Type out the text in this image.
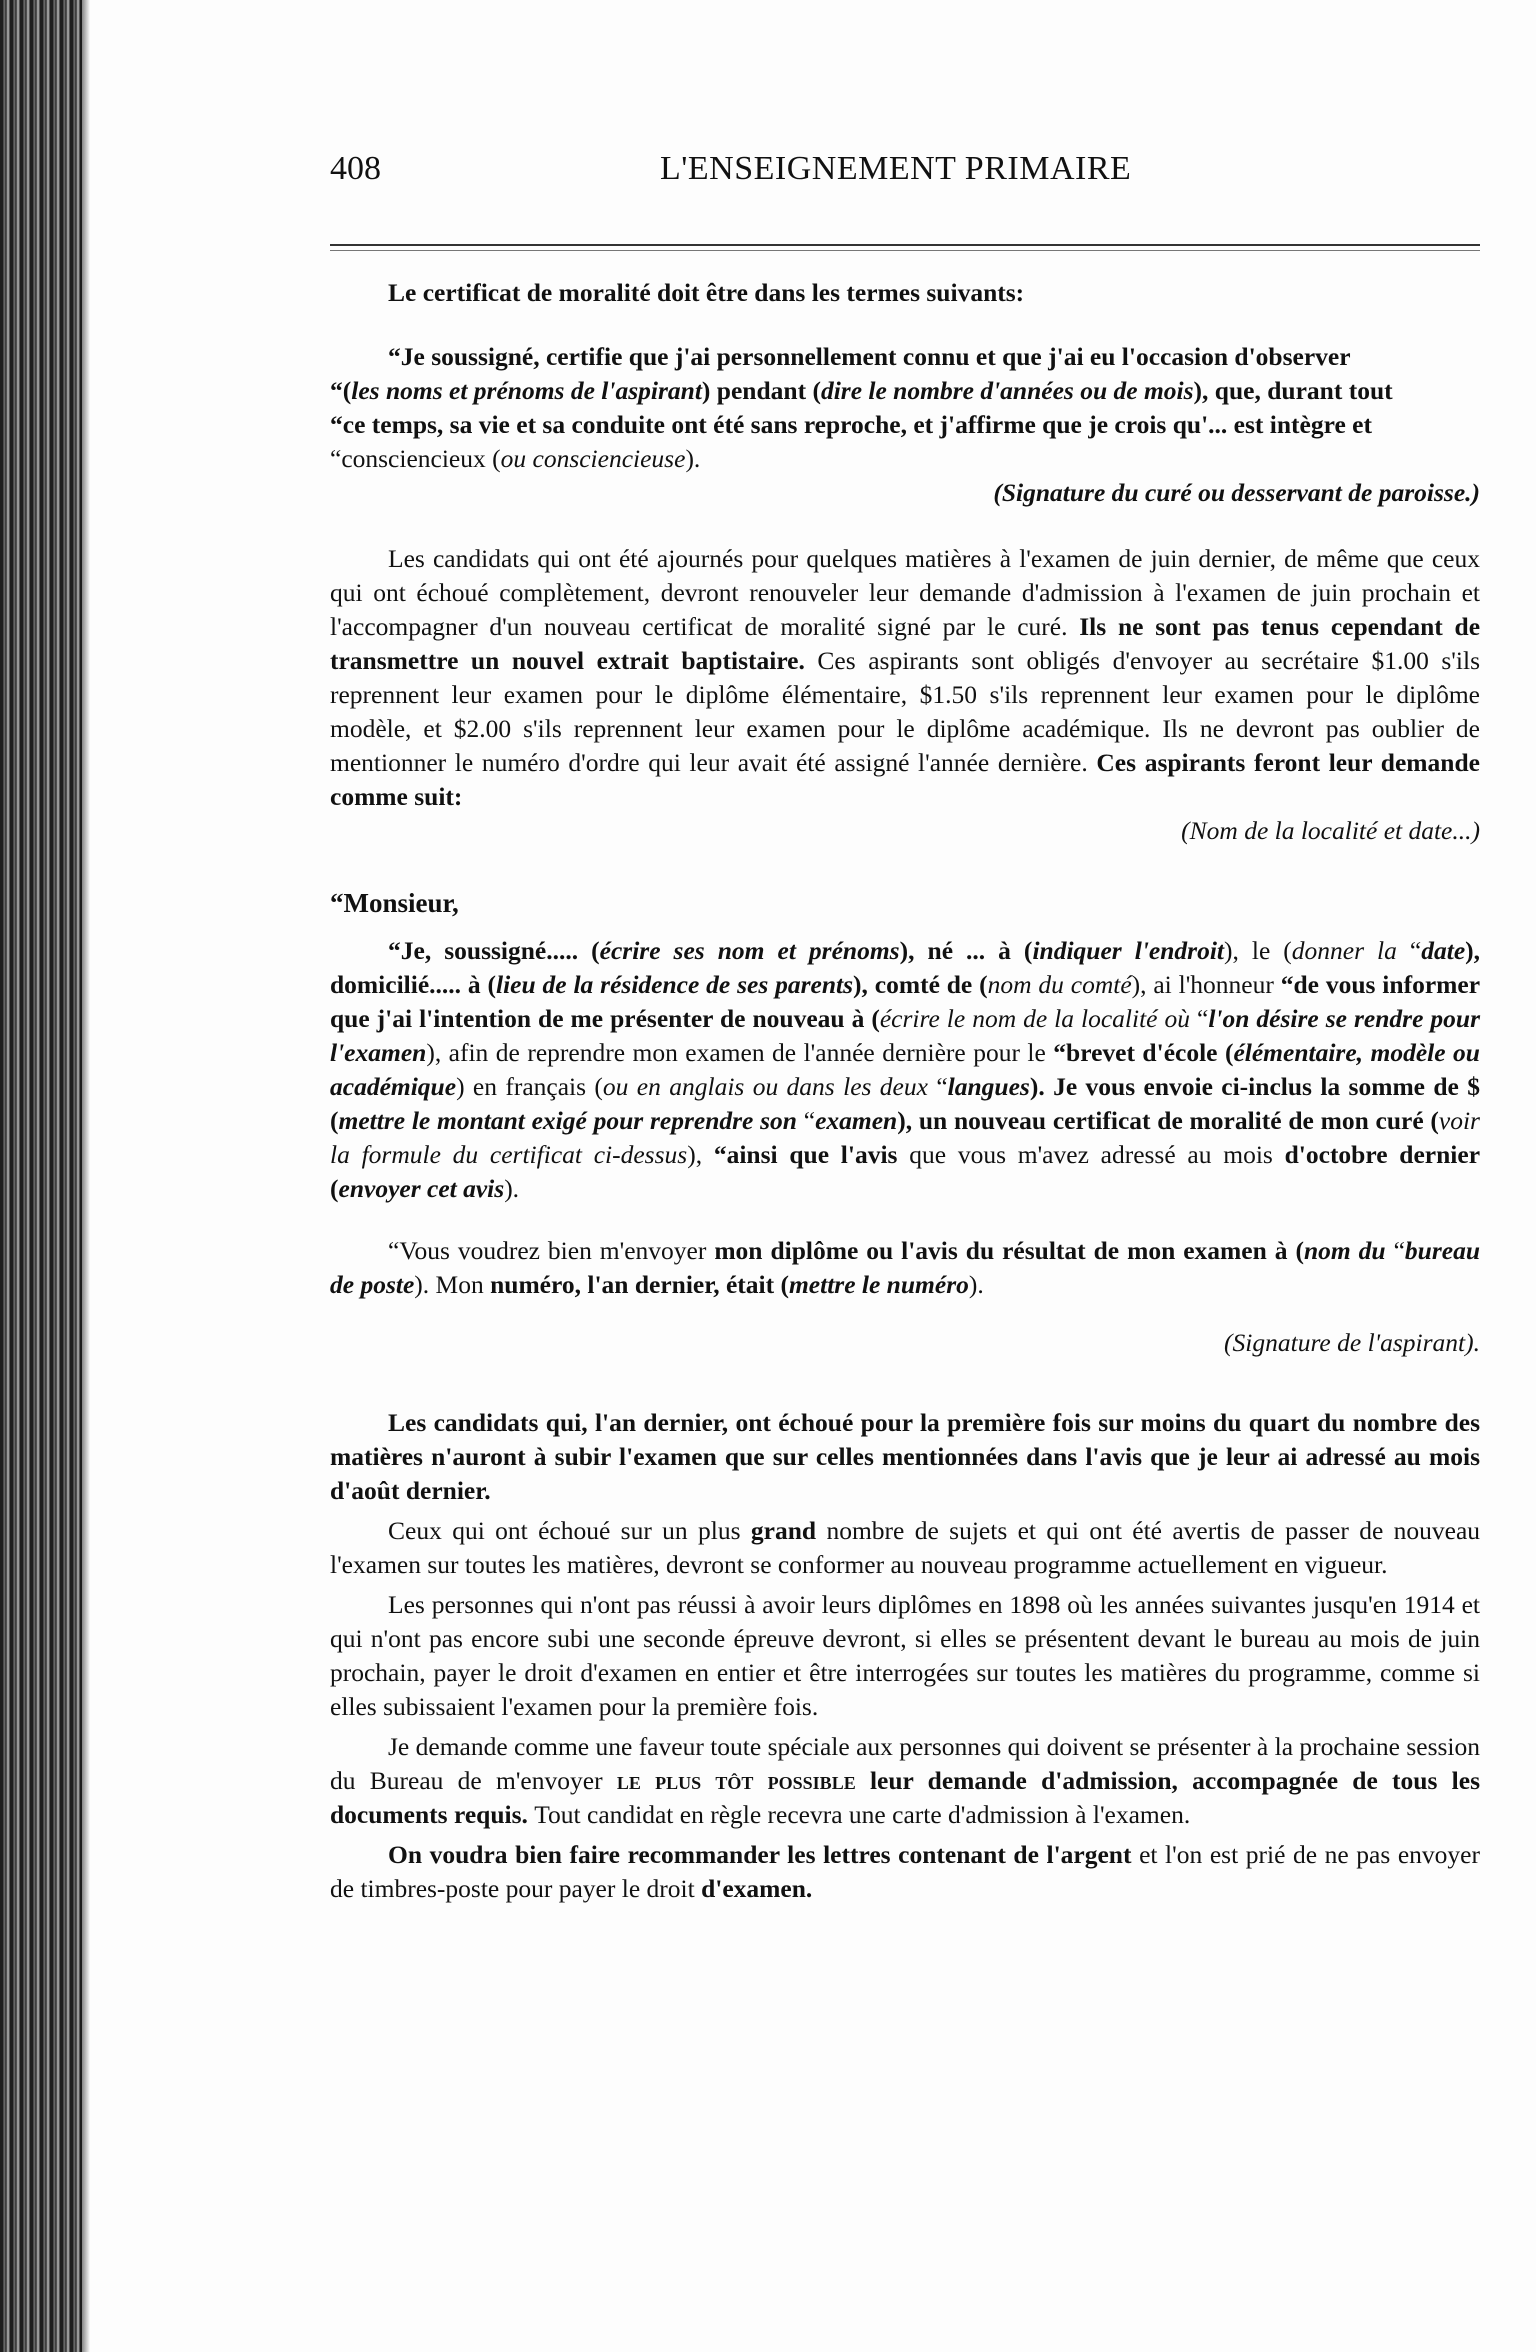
408	L'ENSEIGNEMENT PRIMAIRE

Le certificat de moralité doit être dans les termes suivants:

“Je soussigné, certifie que j'ai personnellement connu et que j'ai eu l'occasion d'observer

“(les noms et prénoms de l'aspirant) pendant (dire le nombre d'années ou de mois), que, durant tout

“ce temps, sa vie et sa conduite ont été sans reproche, et j'affirme que je crois qu'... est intègre et

“consciencieux (ou consciencieuse).

(Signature du curé ou desservant de paroisse.)

Les candidats qui ont été ajournés pour quelques matières à l'examen de juin dernier, de même que ceux qui ont échoué complètement, devront renouveler leur demande d'admission à l'examen de juin prochain et l'accompagner d'un nouveau certificat de moralité signé par le curé. Ils ne sont pas tenus cependant de transmettre un nouvel extrait baptistaire. Ces aspirants sont obligés d'envoyer au secrétaire $1.00 s'ils reprennent leur examen pour le diplôme élémentaire, $1.50 s'ils reprennent leur examen pour le diplôme modèle, et $2.00 s'ils reprennent leur examen pour le diplôme académique. Ils ne devront pas oublier de mentionner le numéro d'ordre qui leur avait été assigné l'année dernière. Ces aspirants feront leur demande comme suit:

(Nom de la localité et date...)

“Monsieur,

“Je, soussigné..... (écrire ses nom et prénoms), né ... à (indiquer l'endroit), le (donner la “date), domicilié..... à (lieu de la résidence de ses parents), comté de (nom du comté), ai l'honneur “de vous informer que j'ai l'intention de me présenter de nouveau à (écrire le nom de la localité où “l'on désire se rendre pour l'examen), afin de reprendre mon examen de l'année dernière pour le “brevet d'école (élémentaire, modèle ou académique) en français (ou en anglais ou dans les deux “langues). Je vous envoie ci-inclus la somme de $ (mettre le montant exigé pour reprendre son “examen), un nouveau certificat de moralité de mon curé (voir la formule du certificat ci-dessus), “ainsi que l'avis que vous m'avez adressé au mois d'octobre dernier (envoyer cet avis).

“Vous voudrez bien m'envoyer mon diplôme ou l'avis du résultat de mon examen à (nom du “bureau de poste). Mon numéro, l'an dernier, était (mettre le numéro).

(Signature de l'aspirant).

Les candidats qui, l'an dernier, ont échoué pour la première fois sur moins du quart du nombre des matières n'auront à subir l'examen que sur celles mentionnées dans l'avis que je leur ai adressé au mois d'août dernier.

Ceux qui ont échoué sur un plus grand nombre de sujets et qui ont été avertis de passer de nouveau l'examen sur toutes les matières, devront se conformer au nouveau programme actuellement en vigueur.

Les personnes qui n'ont pas réussi à avoir leurs diplômes en 1898 où les années suivantes jusqu'en 1914 et qui n'ont pas encore subi une seconde épreuve devront, si elles se présentent devant le bureau au mois de juin prochain, payer le droit d'examen en entier et être interrogées sur toutes les matières du programme, comme si elles subissaient l'examen pour la première fois.

Je demande comme une faveur toute spéciale aux personnes qui doivent se présenter à la prochaine session du Bureau de m'envoyer le plus tôt possible leur demande d'admission, accompagnée de tous les documents requis. Tout candidat en règle recevra une carte d'admission à l'examen.

On voudra bien faire recommander les lettres contenant de l'argent et l'on est prié de ne pas envoyer de timbres-poste pour payer le droit d'examen.
